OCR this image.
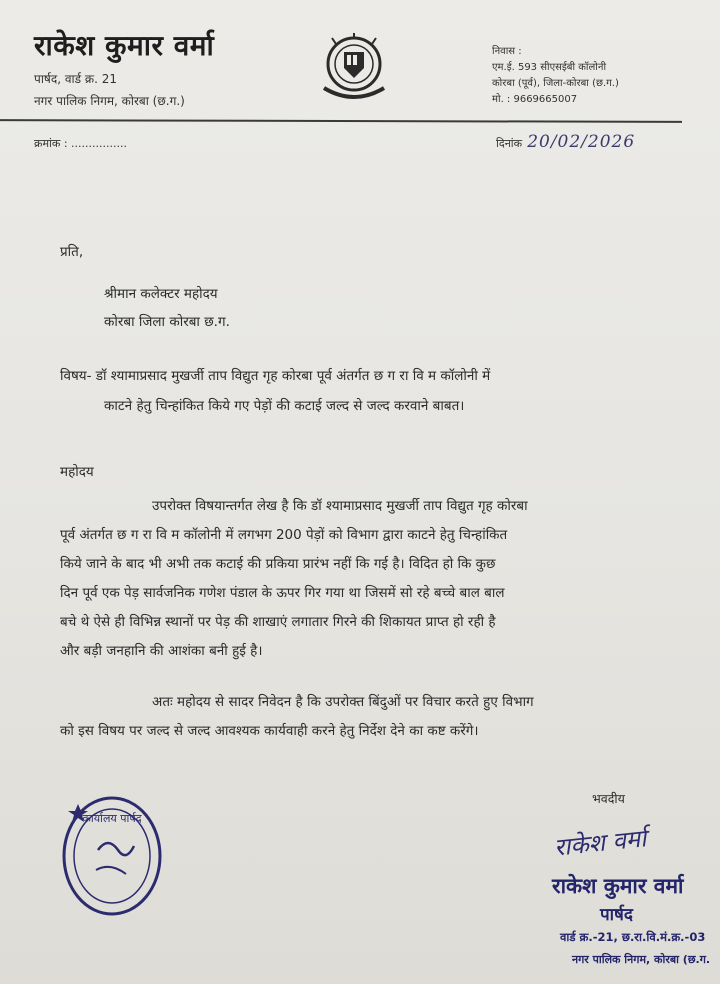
राकेश कुमार वर्मा
पार्षद, वार्ड क्र. 21
नगर पालिक निगम, कोरबा (छ.ग.)
निवास :
एम.ई. 593 सीएसईबी कॉलोनी
कोरबा (पूर्व), जिला-कोरबा (छ.ग.)
मो. : 9669665007
क्रमांक : ................	दिनांक 20/02/2026
प्रति,
श्रीमान कलेक्टर महोदय
कोरबा जिला कोरबा छ.ग.
विषय- डॉ श्यामाप्रसाद मुखर्जी ताप विद्युत गृह कोरबा पूर्व अंतर्गत छ ग रा वि म कॉलोनी में
काटने हेतु चिन्हांकित किये गए पेड़ों की कटाई जल्द से जल्द करवाने बाबत।
महोदय
उपरोक्त विषयान्तर्गत लेख है कि डॉ श्यामाप्रसाद मुखर्जी ताप विद्युत गृह कोरबा
पूर्व अंतर्गत छ ग रा वि म कॉलोनी में लगभग 200 पेड़ों को विभाग द्वारा काटने हेतु चिन्हांकित
किये जाने के बाद भी अभी तक कटाई की प्रकिया प्रारंभ नहीं कि गई है। विदित हो कि कुछ
दिन पूर्व एक पेड़ सार्वजनिक गणेश पंडाल के ऊपर गिर गया था जिसमें सो रहे बच्चे बाल बाल
बचे थे ऐसे ही विभिन्न स्थानों पर पेड़ की शाखाएं लगातार गिरने की शिकायत प्राप्त हो रही है
और बड़ी जनहानि की आशंका बनी हुई है।
अतः महोदय से सादर निवेदन है कि उपरोक्त बिंदुओं पर विचार करते हुए विभाग
को इस विषय पर जल्द से जल्द आवश्यक कार्यवाही करने हेतु निर्देश देने का कष्ट करेंगे।
भवदीय
राकेश वर्मा
राकेश कुमार वर्मा
पार्षद
वार्ड क्र.-21, छ.रा.वि.मं.क्र.-03
नगर पालिक निगम, कोरबा (छ.ग.
कार्यालय पार्षद
